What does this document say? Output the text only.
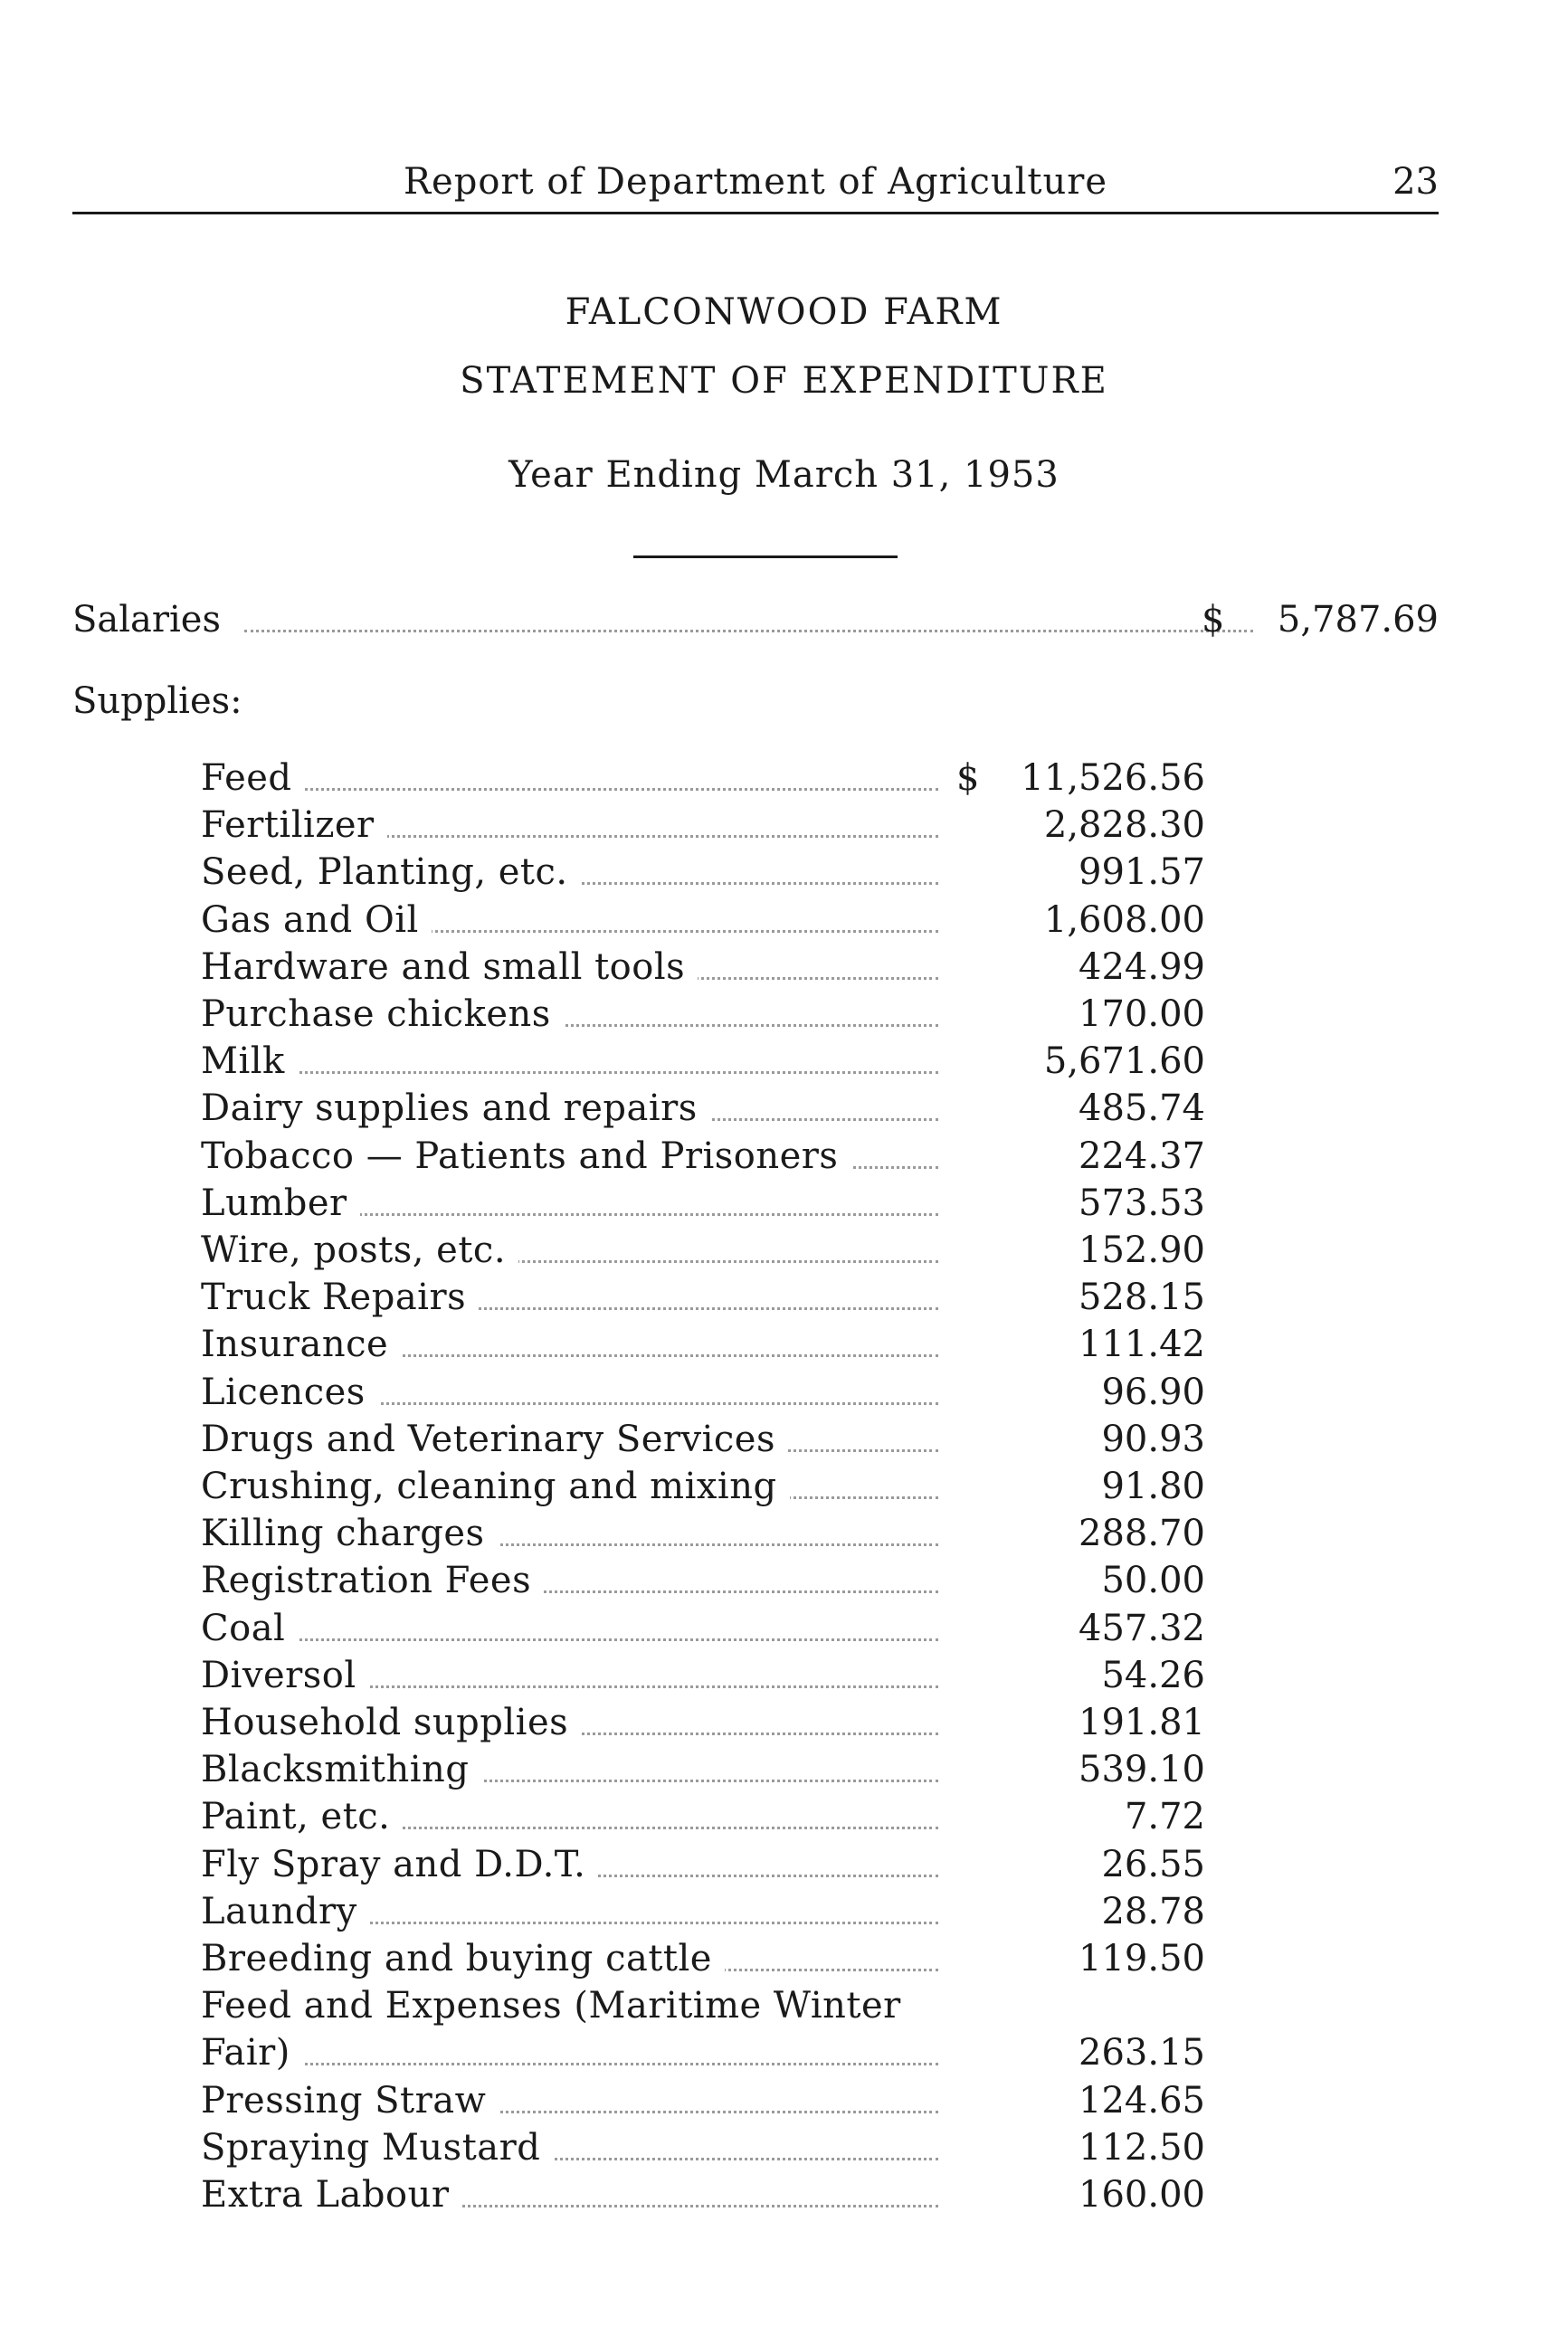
Report of Department of Agriculture	23
FALCONWOOD FARM
STATEMENT OF EXPENDITURE
Year Ending March 31, 1953
Salaries	$	5,787.69
Supplies:
Feed	$	11,526.56
Fertilizer	2,828.30
Seed, Planting, etc.	991.57
Gas and Oil	1,608.00
Hardware and small tools	424.99
Purchase chickens	170.00
Milk	5,671.60
Dairy supplies and repairs	485.74
Tobacco — Patients and Prisoners	224.37
Lumber	573.53
Wire, posts, etc.	152.90
Truck Repairs	528.15
Insurance	111.42
Licences	96.90
Drugs and Veterinary Services	90.93
Crushing, cleaning and mixing	91.80
Killing charges	288.70
Registration Fees	50.00
Coal	457.32
Diversol	54.26
Household supplies	191.81
Blacksmithing	539.10
Paint, etc.	7.72
Fly Spray and D.D.T.	26.55
Laundry	28.78
Breeding and buying cattle	119.50
Feed and Expenses (Maritime Winter
Fair)	263.15
Pressing Straw	124.65
Spraying Mustard	112.50
Extra Labour	160.00
